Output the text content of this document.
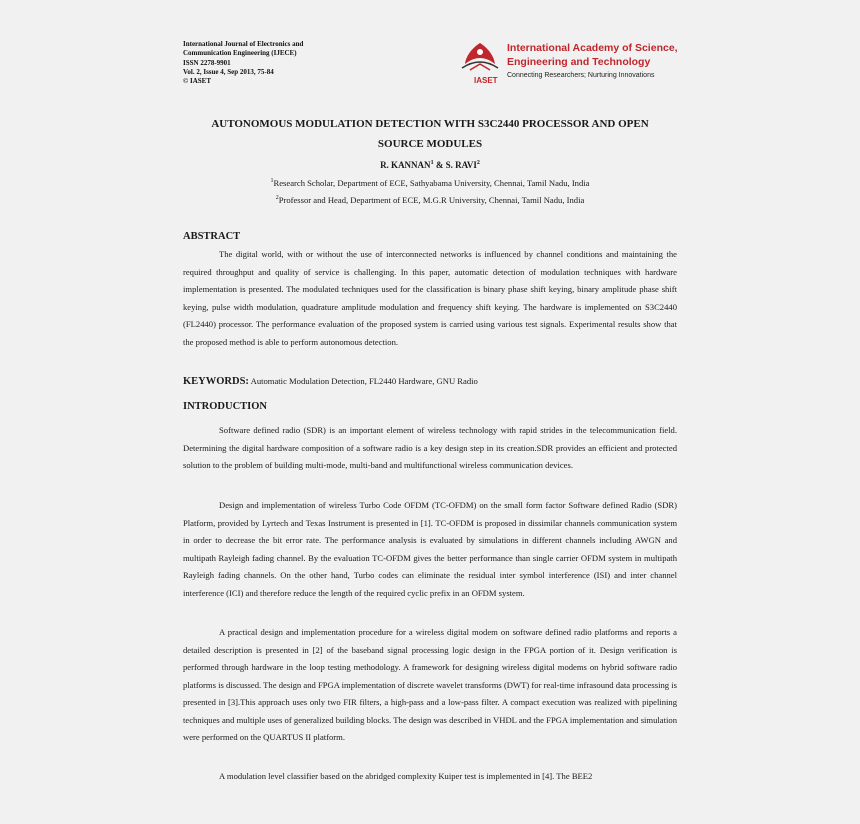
International Journal of Electronics and
Communication Engineering (IJECE)
ISSN 2278-9901
Vol. 2, Issue 4, Sep 2013, 75-84
© IASET	IASET
International Academy of Science,
Engineering and Technology
Connecting Researchers; Nurturing Innovations
AUTONOMOUS MODULATION DETECTION WITH S3C2440 PROCESSOR AND OPEN
SOURCE MODULES
R. KANNAN$^1$ & S. RAVI$^2$
$^1$Research Scholar, Department of ECE, Sathyabama University, Chennai, Tamil Nadu, India
$^2$Professor and Head, Department of ECE, M.G.R University, Chennai, Tamil Nadu, India
ABSTRACT
The digital world, with or without the use of interconnected networks is influenced by channel conditions and maintaining the required throughput and quality of service is challenging. In this paper, automatic detection of modulation techniques with hardware implementation is presented. The modulated techniques used for the classification is binary phase shift keying, binary amplitude phase shift keying, pulse width modulation, quadrature amplitude modulation and frequency shift keying. The hardware is implemented on S3C2440 (FL2440) processor. The performance evaluation of the proposed system is carried using various test signals. Experimental results show that the proposed method is able to perform autonomous detection.
KEYWORDS: Automatic Modulation Detection, FL2440 Hardware, GNU Radio
INTRODUCTION
Software defined radio (SDR) is an important element of wireless technology with rapid strides in the telecommunication field. Determining the digital hardware composition of a software radio is a key design step in its creation.SDR provides an efficient and protected solution to the problem of building multi-mode, multi-band and multifunctional wireless communication devices.
Design and implementation of wireless Turbo Code OFDM (TC-OFDM) on the small form factor Software defined Radio (SDR) Platform, provided by Lyrtech and Texas Instrument is presented in [1]. TC-OFDM is proposed in dissimilar channels communication system in order to decrease the bit error rate. The performance analysis is evaluated by simulations in different channels including AWGN and multipath Rayleigh fading channel. By the evaluation TC-OFDM gives the better performance than single carrier OFDM system in multipath Rayleigh fading channels. On the other hand, Turbo codes can eliminate the residual inter symbol interference (ISI) and inter channel interference (ICI) and therefore reduce the length of the required cyclic prefix in an OFDM system.
A practical design and implementation procedure for a wireless digital modem on software defined radio platforms and reports a detailed description is presented in [2] of the baseband signal processing logic design in the FPGA portion of it. Design verification is performed through hardware in the loop testing methodology. A framework for designing wireless digital modems on hybrid software radio platforms is discussed. The design and FPGA implementation of discrete wavelet transforms (DWT) for real-time infrasound data processing is presented in [3].This approach uses only two FIR filters, a high-pass and a low-pass filter. A compact execution was realized with pipelining techniques and multiple uses of generalized building blocks. The design was described in VHDL and the FPGA implementation and simulation were performed on the QUARTUS II platform.
A modulation level classifier based on the abridged complexity Kuiper test is implemented in [4]. The BEE2
